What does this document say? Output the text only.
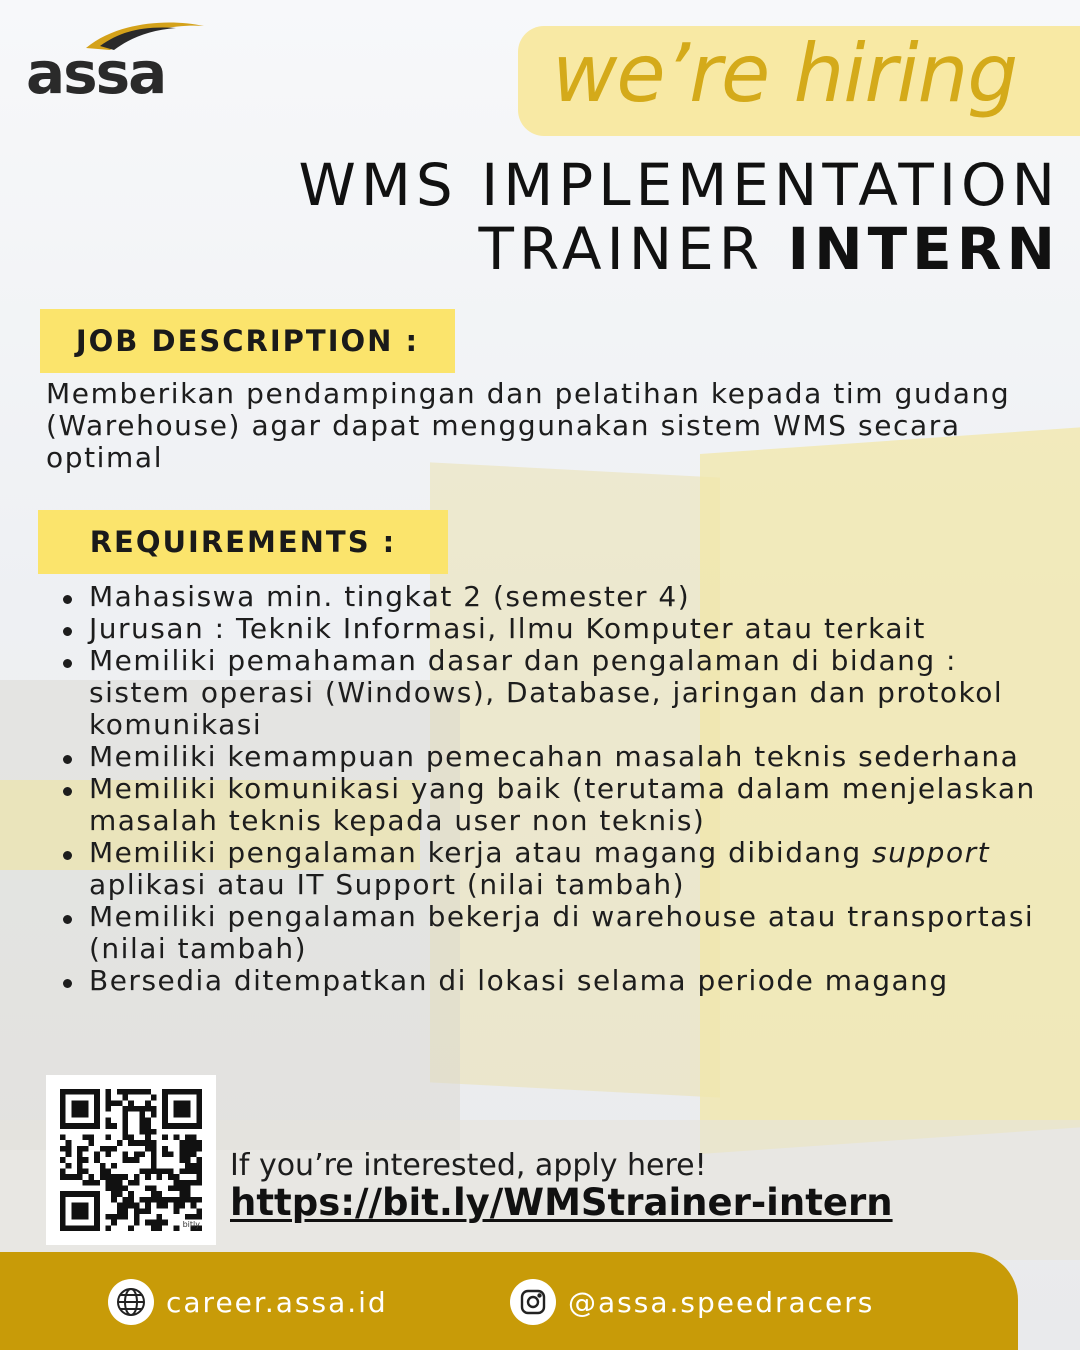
assa	we’re hiring
WMS IMPLEMENTATION
TRAINER INTERN
JOB DESCRIPTION :
Memberikan pendampingan dan pelatihan kepada tim gudang (Warehouse) agar dapat menggunakan sistem WMS secara optimal
REQUIREMENTS :
Mahasiswa min. tingkat 2 (semester 4)
Jurusan : Teknik Informasi, Ilmu Komputer atau terkait
Memiliki pemahaman dasar dan pengalaman di bidang : sistem operasi (Windows), Database, jaringan dan protokol komunikasi
Memiliki kemampuan pemecahan masalah teknis sederhana
Memiliki komunikasi yang baik (terutama dalam menjelaskan masalah teknis kepada user non teknis)
Memiliki pengalaman kerja atau magang dibidang support aplikasi atau IT Support (nilai tambah)
Memiliki pengalaman bekerja di warehouse atau transportasi (nilai tambah)
Bersedia ditempatkan di lokasi selama periode magang
bitly
If you’re interested, apply here!
https://bit.ly/WMStrainer-intern
career.assa.id	@assa.speedracers
